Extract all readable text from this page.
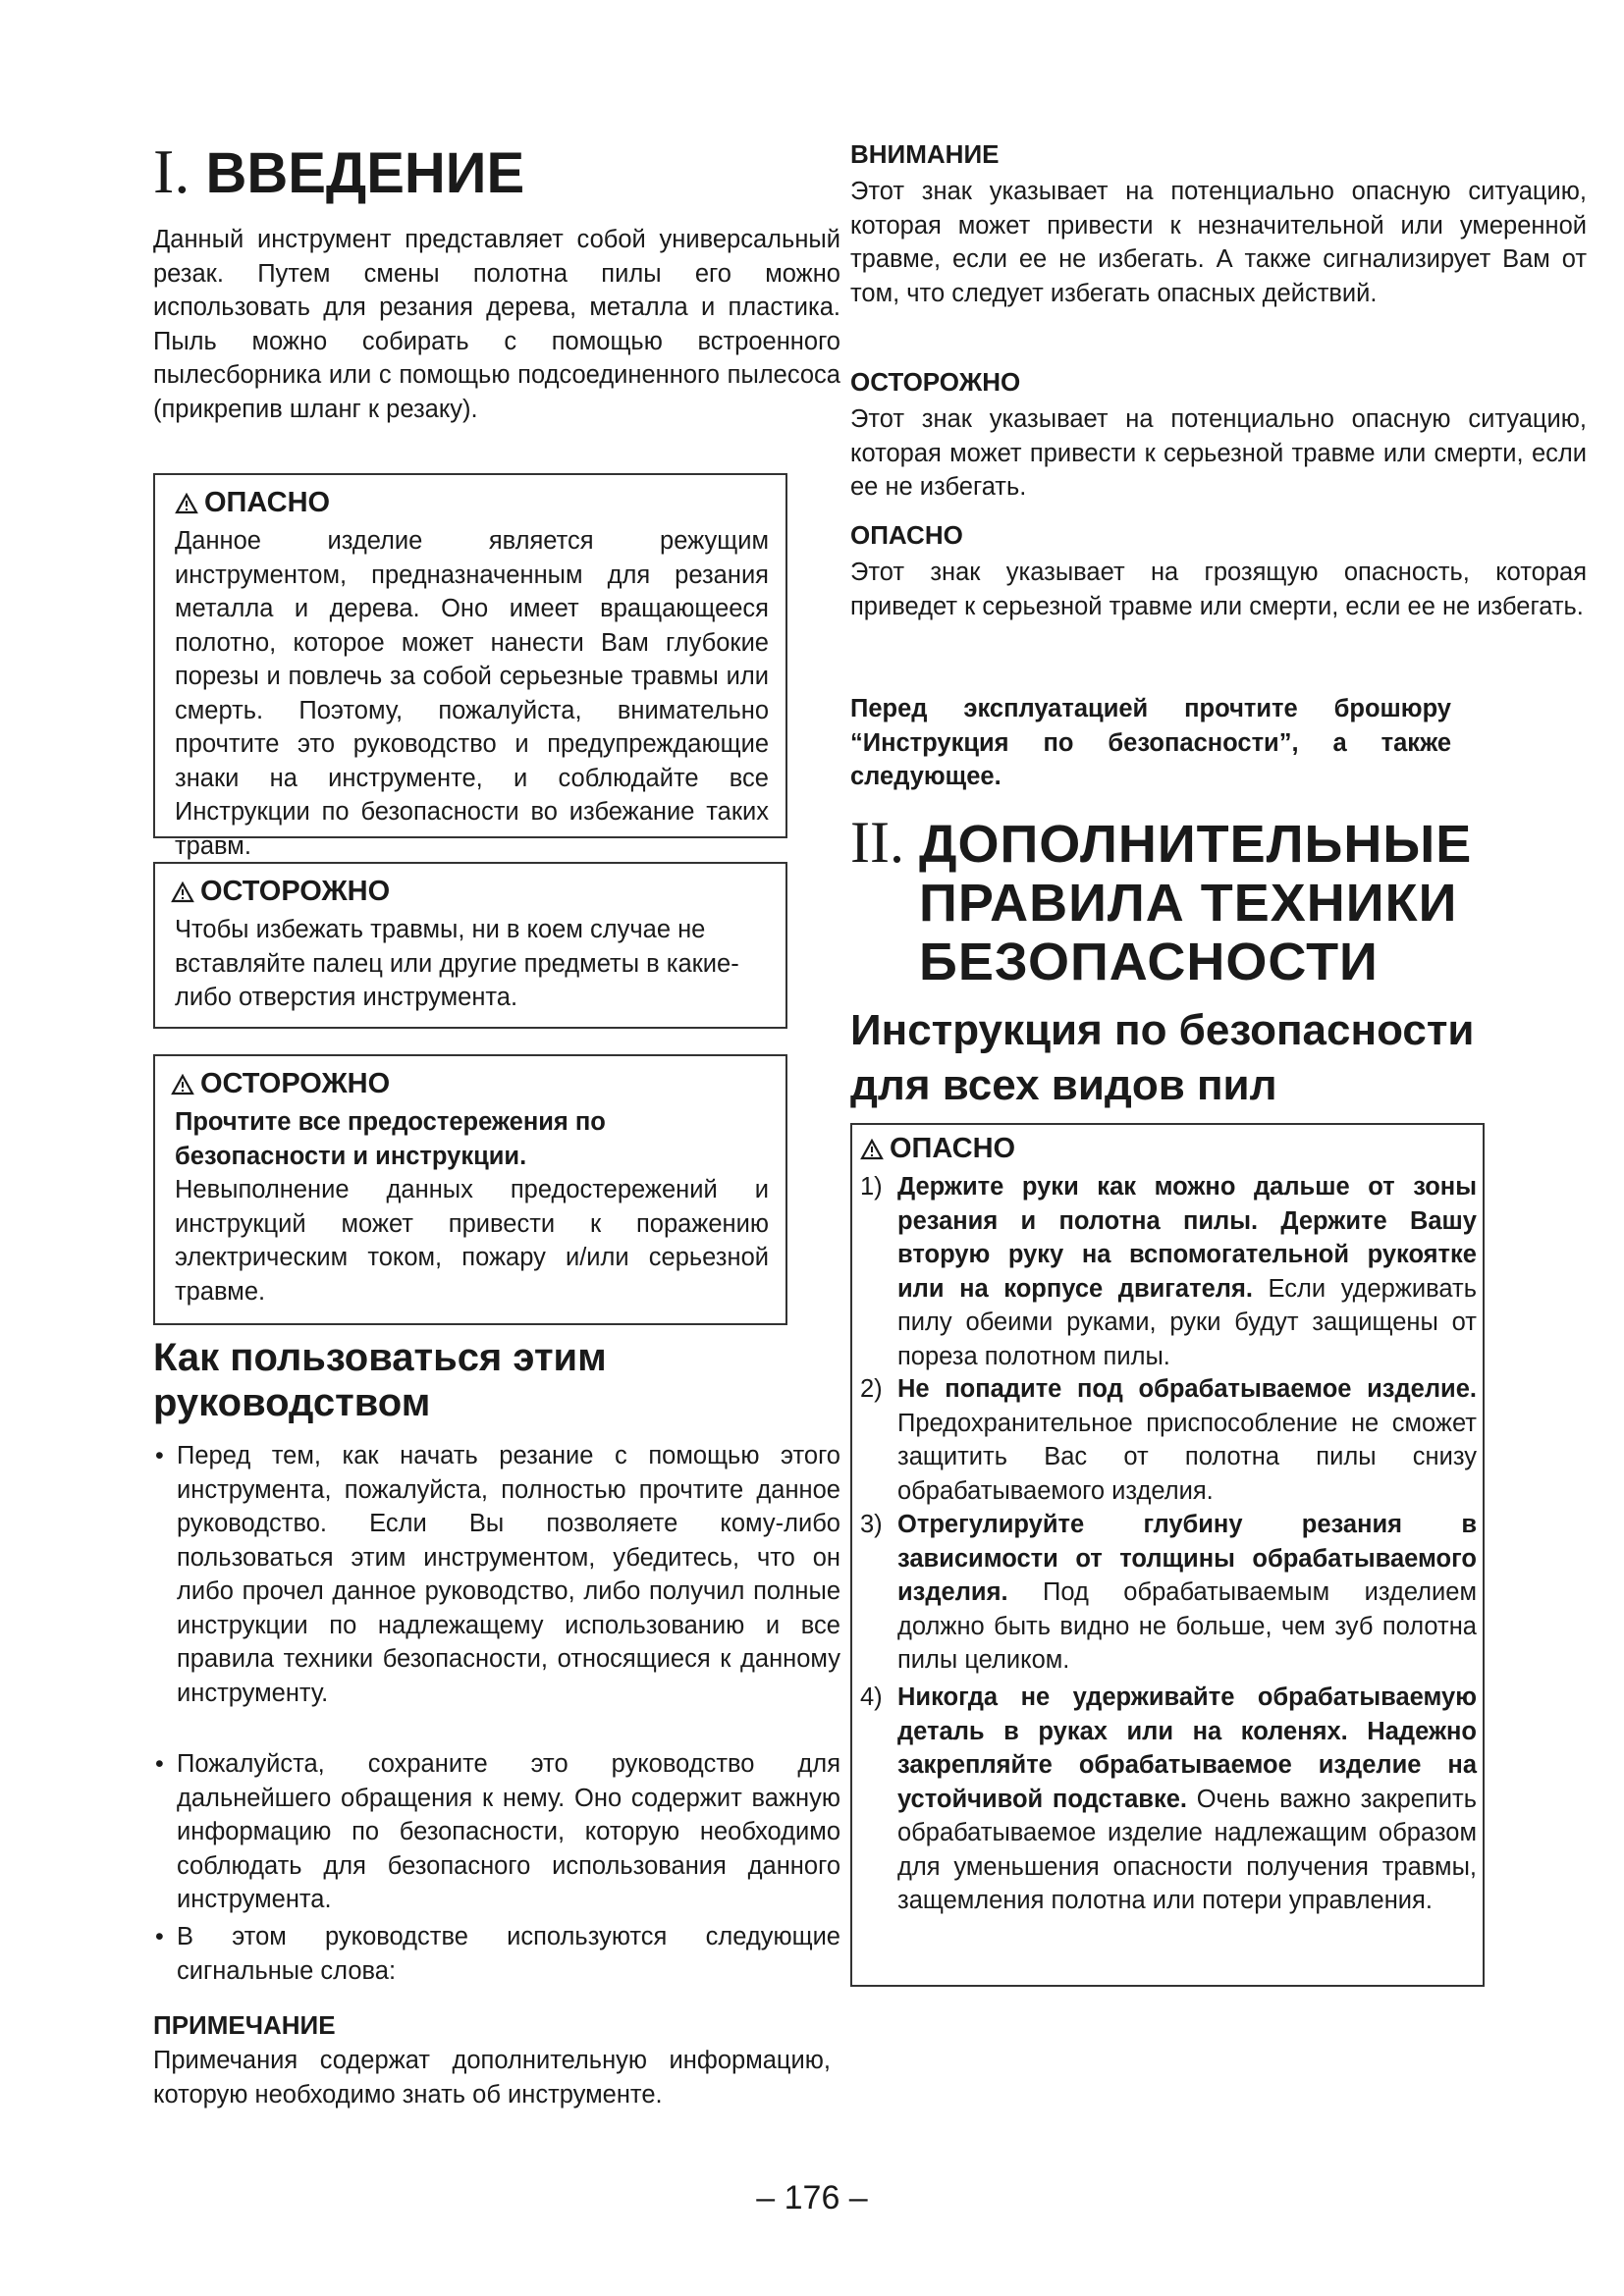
I. ВВЕДЕНИЕ

Данный инструмент представляет собой универсальный резак. Путем смены полотна пилы его можно использовать для резания дерева, металла и пластика. Пыль можно собирать с помощью встроенного пылесборника или с помощью подсоединенного пылесоса (прикрепив шланг к резаку).

ОПАСНО

Данное изделие является режущим инструментом, предназначенным для резания металла и дерева. Оно имеет вращающееся полотно, которое может нанести Вам глубокие порезы и повлечь за собой серьезные травмы или смерть. Поэтому, пожалуйста, внимательно прочтите это руководство и предупреждающие знаки на инструменте, и соблюдайте все Инструкции по безопасности во избежание таких травм.

ОСТОРОЖНО

Чтобы избежать травмы, ни в коем случае не вставляйте палец или другие предметы в какие-либо отверстия инструмента.

ОСТОРОЖНО

Прочтите все предостережения по безопасности и инструкции.

Невыполнение данных предостережений и инструкций может привести к поражению электрическим током, пожару и/или серьезной травме.

Как пользоваться этим руководством
• Перед тем, как начать резание с помощью этого инструмента, пожалуйста, полностью прочтите данное руководство. Если Вы позволяете кому-либо пользоваться этим инструментом, убедитесь, что он либо прочел данное руководство, либо получил полные инструкции по надлежащему использованию и все правила техники безопасности, относящиеся к данному инструменту.

• Пожалуйста, сохраните это руководство для дальнейшего обращения к нему. Оно содержит важную информацию по безопасности, которую необходимо соблюдать для безопасного использования данного инструмента.

• В этом руководстве используются следующие сигнальные слова:

ПРИМЕЧАНИЕ

Примечания содержат дополнительную информацию, которую необходимо знать об инструменте.

ВНИМАНИЕ

Этот знак указывает на потенциально опасную ситуацию, которая может привести к незначительной или умеренной травме, если ее не избегать. А также сигнализирует Вам от том, что следует избегать опасных действий.

ОСТОРОЖНО

Этот знак указывает на потенциально опасную ситуацию, которая может привести к серьезной травме или смерти, если ее не избегать.

ОПАСНО

Этот знак указывает на грозящую опасность, которая приведет к серьезной травме или смерти, если ее не избегать.

Перед эксплуатацией прочтите брошюру “Инструкция по безопасности”, а также следующее.

II. ДОПОЛНИТЕЛЬНЫЕ
ПРАВИЛА ТЕХНИКИ
БЕЗОПАСНОСТИ
Инструкция по безопасности для всех видов пил
ОПАСНО
1) Держите руки как можно дальше от зоны резания и полотна пилы. Держите Вашу вторую руку на вспомогательной рукоятке или на корпусе двигателя. Если удерживать пилу обеими руками, руки будут защищены от пореза полотном пилы.

2) Не попадите под обрабатываемое изделие. Предохранительное приспособление не сможет защитить Вас от полотна пилы снизу обрабатываемого изделия.

3) Отрегулируйте глубину резания в зависимости от толщины обрабатываемого изделия. Под обрабатываемым изделием должно быть видно не больше, чем зуб полотна пилы целиком.

4) Никогда не удерживайте обрабатываемую деталь в руках или на коленях. Надежно закрепляйте обрабатываемое изделие на устойчивой подставке. Очень важно закрепить обрабатываемое изделие надлежащим образом для уменьшения опасности получения травмы, защемления полотна или потери управления.

– 176 –
